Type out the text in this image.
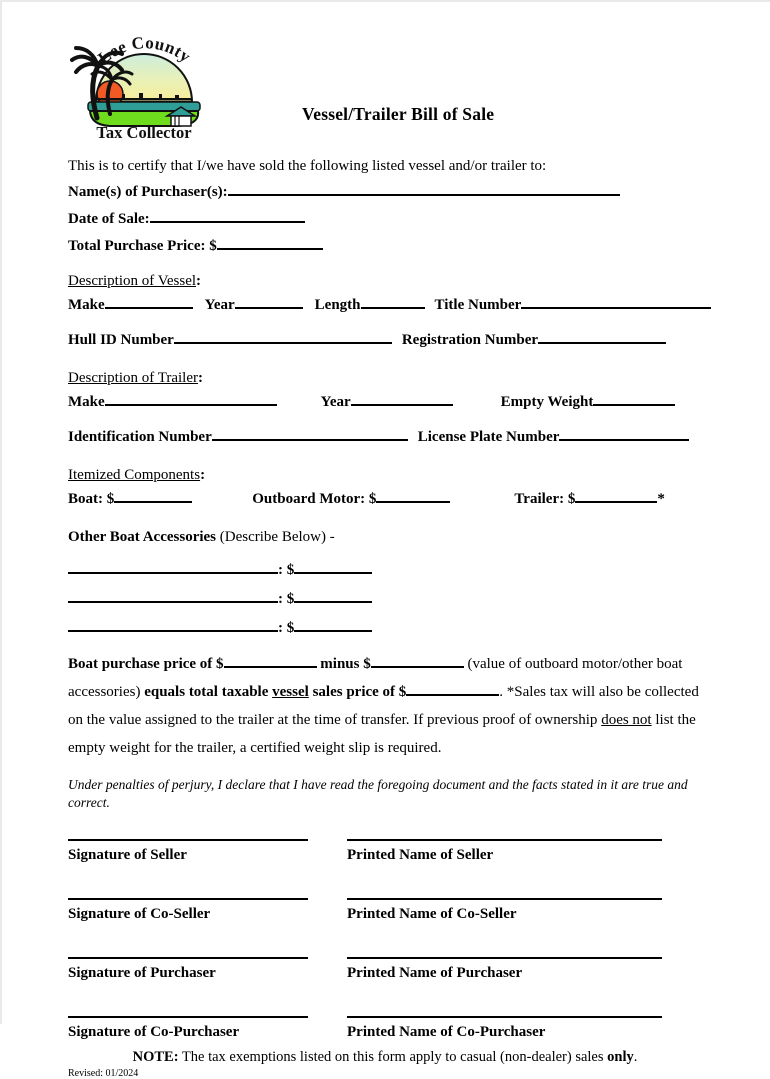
Lee County
Tax Collector
Vessel/Trailer Bill of Sale
This is to certify that I/we have sold the following listed vessel and/or trailer to:
Name(s) of Purchaser(s):
Date of Sale:
Total Purchase Price: $
Description of Vessel:
Make	Year	Length	Title Number
Hull ID Number	Registration Number
Description of Trailer:
Make	Year	Empty Weight
Identification Number	License Plate Number
Itemized Components:
Boat: $	Outboard Motor: $	Trailer: $	*
Other Boat Accessories (Describe Below) -
: $
: $
: $
Boat purchase price of $	minus $	(value of outboard motor/other boat accessories) equals total taxable vessel sales price of $	. *Sales tax will also be collected on the value assigned to the trailer at the time of transfer. If previous proof of ownership does not list the empty weight for the trailer, a certified weight slip is required.
Under penalties of perjury, I declare that I have read the foregoing document and the facts stated in it are true and correct.
Signature of Seller	Printed Name of Seller
Signature of Co-Seller	Printed Name of Co-Seller
Signature of Purchaser	Printed Name of Purchaser
Signature of Co-Purchaser	Printed Name of Co-Purchaser
NOTE: The tax exemptions listed on this form apply to casual (non-dealer) sales only.
Revised: 01/2024
